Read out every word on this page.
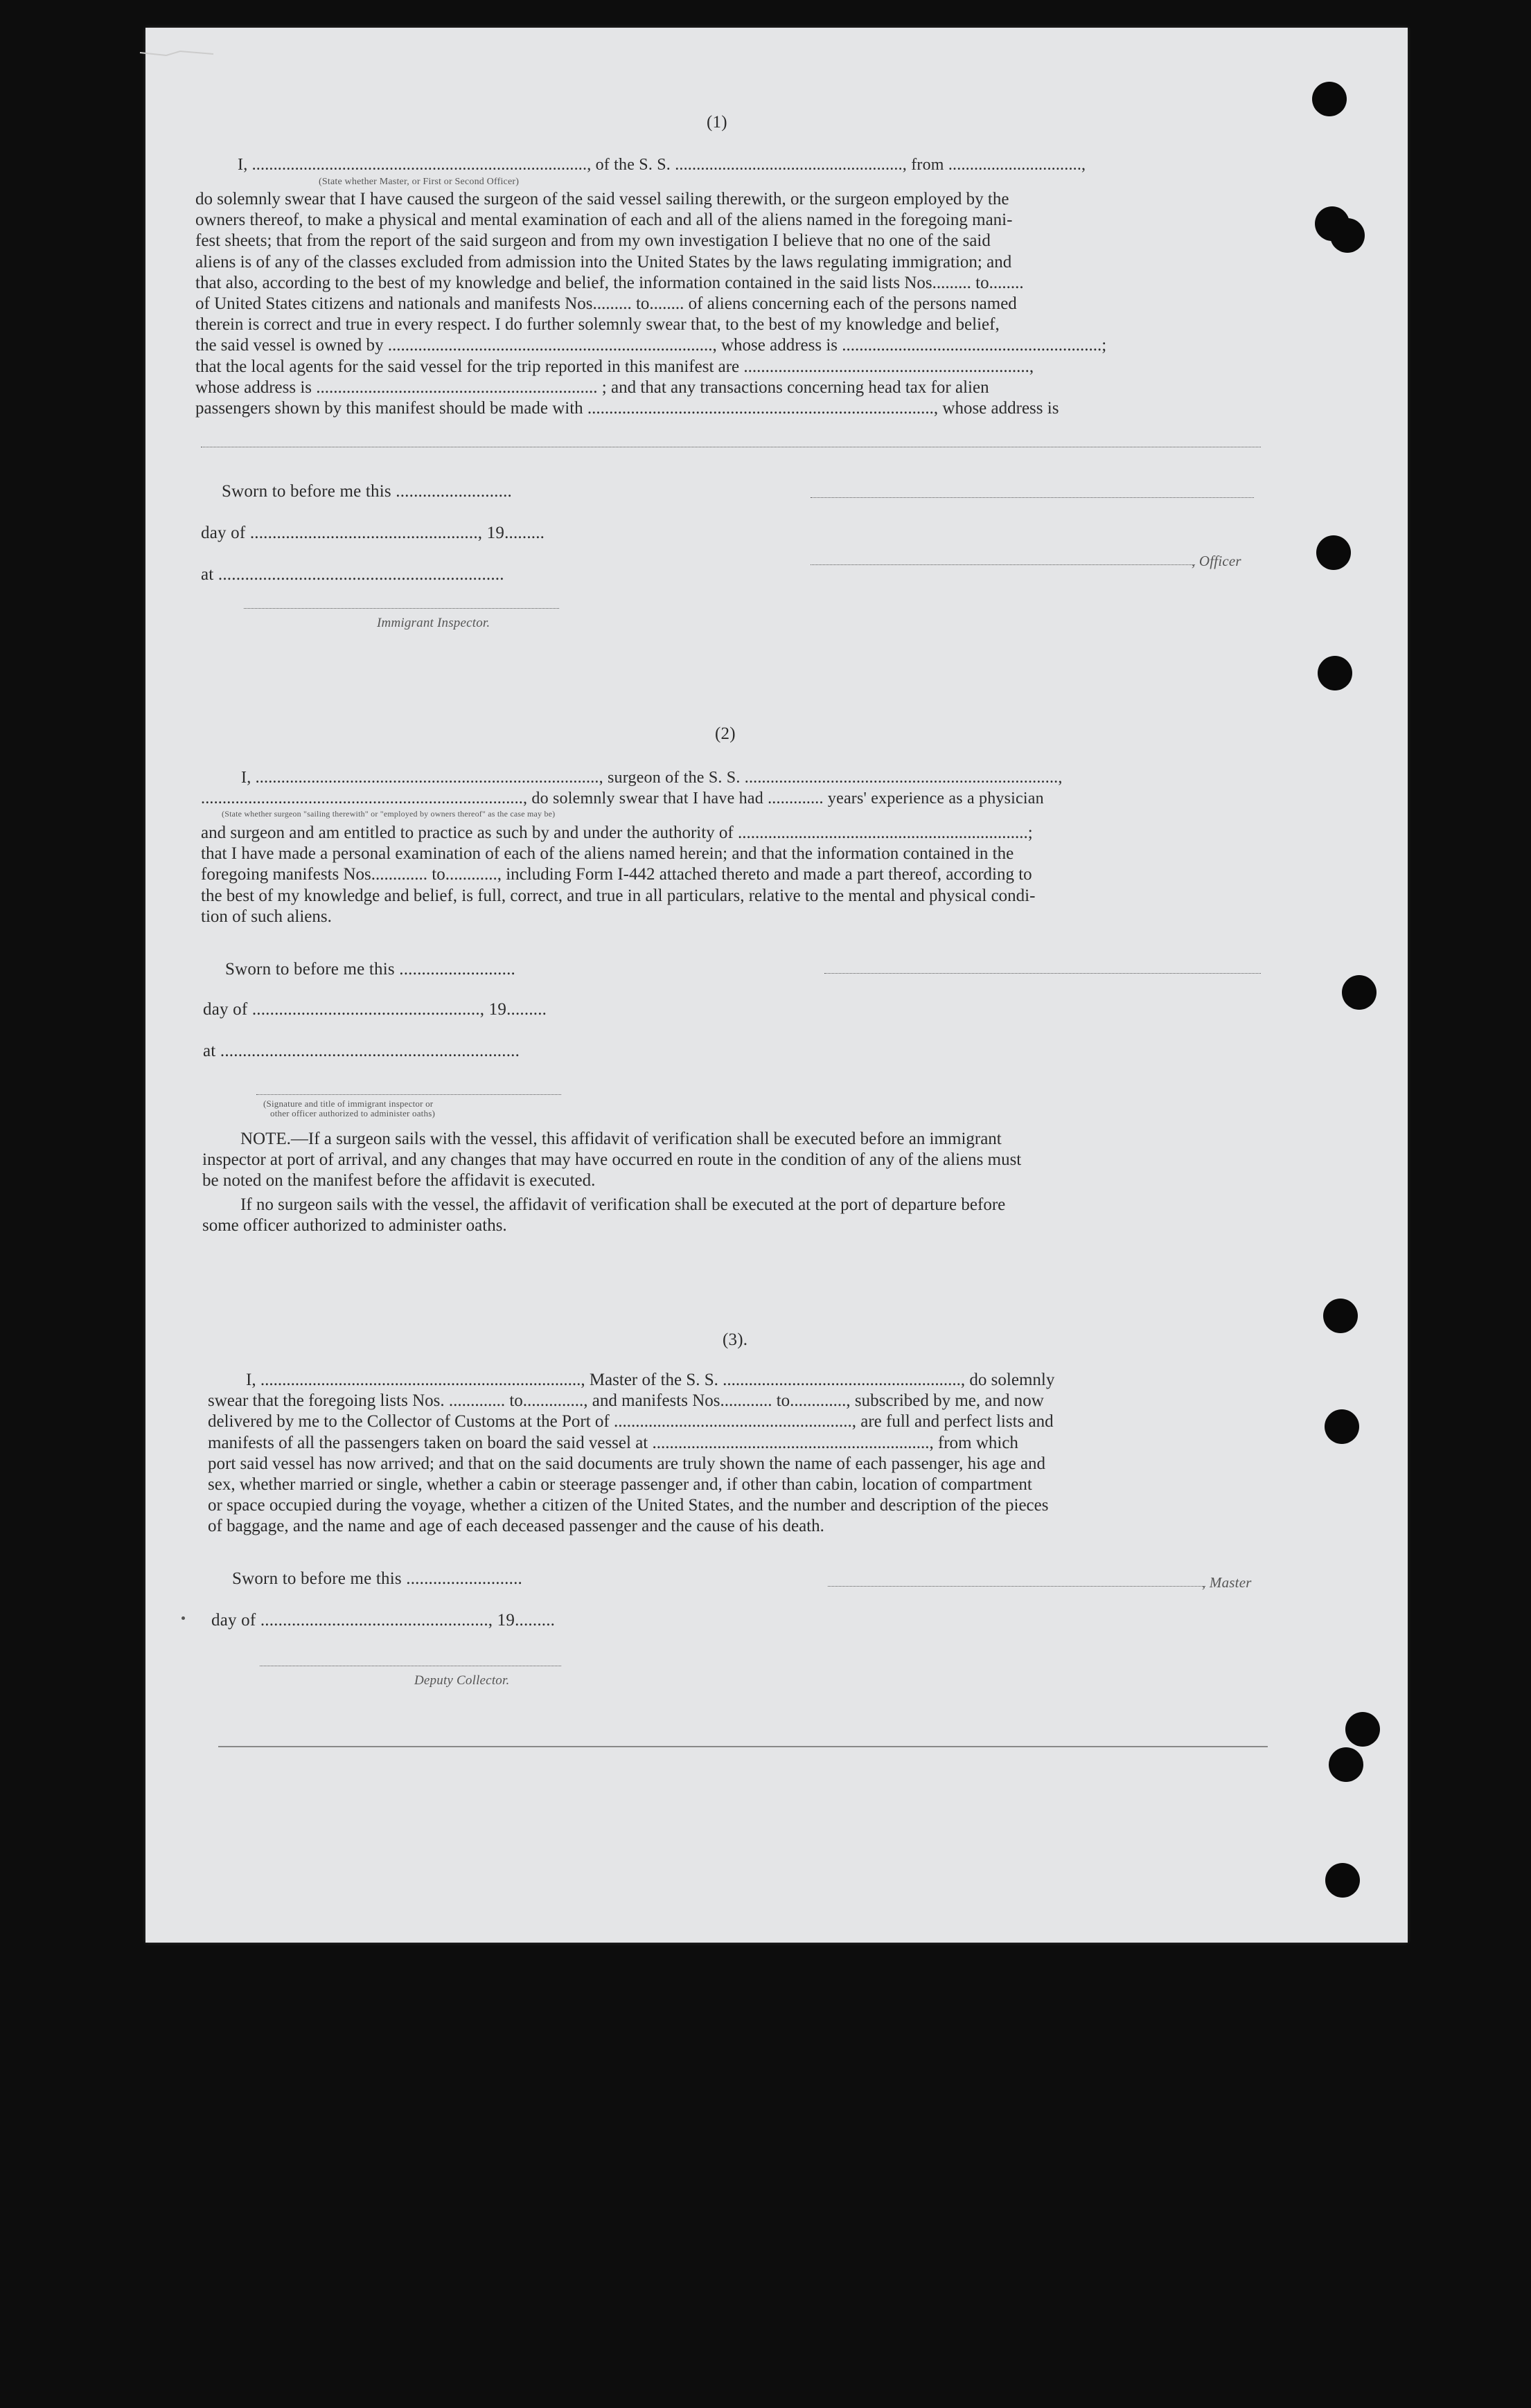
(1)
I, .............................................................................., of the S. S. ....................................................., from ...............................,
(State whether Master, or First or Second Officer)
do solemnly swear that I have caused the surgeon of the said vessel sailing therewith, or the surgeon employed by the
owners thereof, to make a physical and mental examination of each and all of the aliens named in the foregoing mani-
fest sheets; that from the report of the said surgeon and from my own investigation I believe that no one of the said
aliens is of any of the classes excluded from admission into the United States by the laws regulating immigration; and
that also, according to the best of my knowledge and belief, the information contained in the said lists Nos......... to........
of United States citizens and nationals and manifests Nos......... to........ of aliens concerning each of the persons named
therein is correct and true in every respect. I do further solemnly swear that, to the best of my knowledge and belief,
the said vessel is owned by ..........................................................................., whose address is ............................................................;
that the local agents for the said vessel for the trip reported in this manifest are ..................................................................,
whose address is ................................................................. ; and that any transactions concerning head tax for alien
passengers shown by this manifest should be made with ................................................................................, whose address is
Sworn to before me this ..........................
day of ..................................................., 19.........
, Officer
at ................................................................
Immigrant Inspector.
(2)
I, ................................................................................, surgeon of the S. S. .........................................................................,
..........................................................................., do solemnly swear that I have had ............. years' experience as a physician
(State whether surgeon "sailing therewith" or "employed by owners thereof" as the case may be)
and surgeon and am entitled to practice as such by and under the authority of ...................................................................;
that I have made a personal examination of each of the aliens named herein; and that the information contained in the
foregoing manifests Nos............. to............, including Form I-442 attached thereto and made a part thereof, according to
the best of my knowledge and belief, is full, correct, and true in all particulars, relative to the mental and physical condi-
tion of such aliens.
Sworn to before me this ..........................
day of ..................................................., 19.........
at ...................................................................
(Signature and title of immigrant inspector or
other officer authorized to administer oaths)
NOTE.—If a surgeon sails with the vessel, this affidavit of verification shall be executed before an immigrant
inspector at port of arrival, and any changes that may have occurred en route in the condition of any of the aliens must
be noted on the manifest before the affidavit is executed.
If no surgeon sails with the vessel, the affidavit of verification shall be executed at the port of departure before
some officer authorized to administer oaths.
(3).
I, .........................................................................., Master of the S. S. ......................................................., do solemnly
swear that the foregoing lists Nos. ............. to.............., and manifests Nos............ to............., subscribed by me, and now
delivered by me to the Collector of Customs at the Port of ......................................................., are full and perfect lists and
manifests of all the passengers taken on board the said vessel at ................................................................, from which
port said vessel has now arrived; and that on the said documents are truly shown the name of each passenger, his age and
sex, whether married or single, whether a cabin or steerage passenger and, if other than cabin, location of compartment
or space occupied during the voyage, whether a citizen of the United States, and the number and description of the pieces
of baggage, and the name and age of each deceased passenger and the cause of his death.
Sworn to before me this ..........................	, Master
day of ..................................................., 19.........
Deputy Collector.
